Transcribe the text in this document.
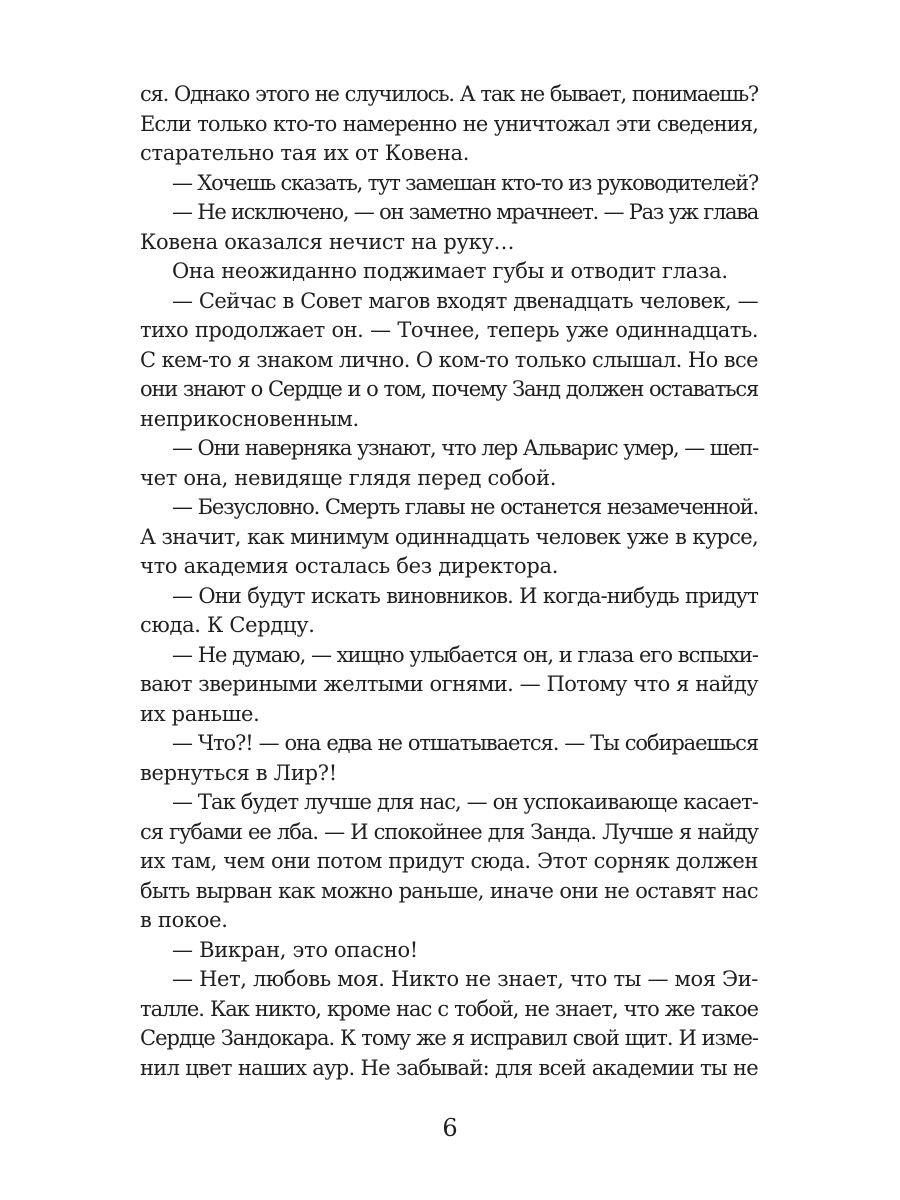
ся. Однако этого не случилось. А так не бывает, понимаешь?
Если только кто-то намеренно не уничтожал эти сведения,
старательно тая их от Ковена.
— Хочешь сказать, тут замешан кто-то из руководителей?
— Не исключено, — он заметно мрачнеет. — Раз уж глава
Ковена оказался нечист на руку…
Она неожиданно поджимает губы и отводит глаза.
— Сейчас в Совет магов входят двенадцать человек, —
тихо продолжает он. — Точнее, теперь уже одиннадцать.
С кем-то я знаком лично. О ком-то только слышал. Но все
они знают о Сердце и о том, почему Занд должен оставаться
неприкосновенным.
— Они наверняка узнают, что лер Альварис умер, — шеп-
чет она, невидяще глядя перед собой.
— Безусловно. Смерть главы не останется незамеченной.
А значит, как минимум одиннадцать человек уже в курсе,
что академия осталась без директора.
— Они будут искать виновников. И когда-нибудь придут
сюда. К Сердцу.
— Не думаю, — хищно улыбается он, и глаза его вспыхи-
вают звериными желтыми огнями. — Потому что я найду
их раньше.
— Что?! — она едва не отшатывается. — Ты собираешься
вернуться в Лир?!
— Так будет лучше для нас, — он успокаивающе касает-
ся губами ее лба. — И спокойнее для Занда. Лучше я найду
их там, чем они потом придут сюда. Этот сорняк должен
быть вырван как можно раньше, иначе они не оставят нас
в покое.
— Викран, это опасно!
— Нет, любовь моя. Никто не знает, что ты — моя Эи-
талле. Как никто, кроме нас с тобой, не знает, что же такое
Сердце Зандокара. К тому же я исправил свой щит. И изме-
нил цвет наших аур. Не забывай: для всей академии ты не
6
